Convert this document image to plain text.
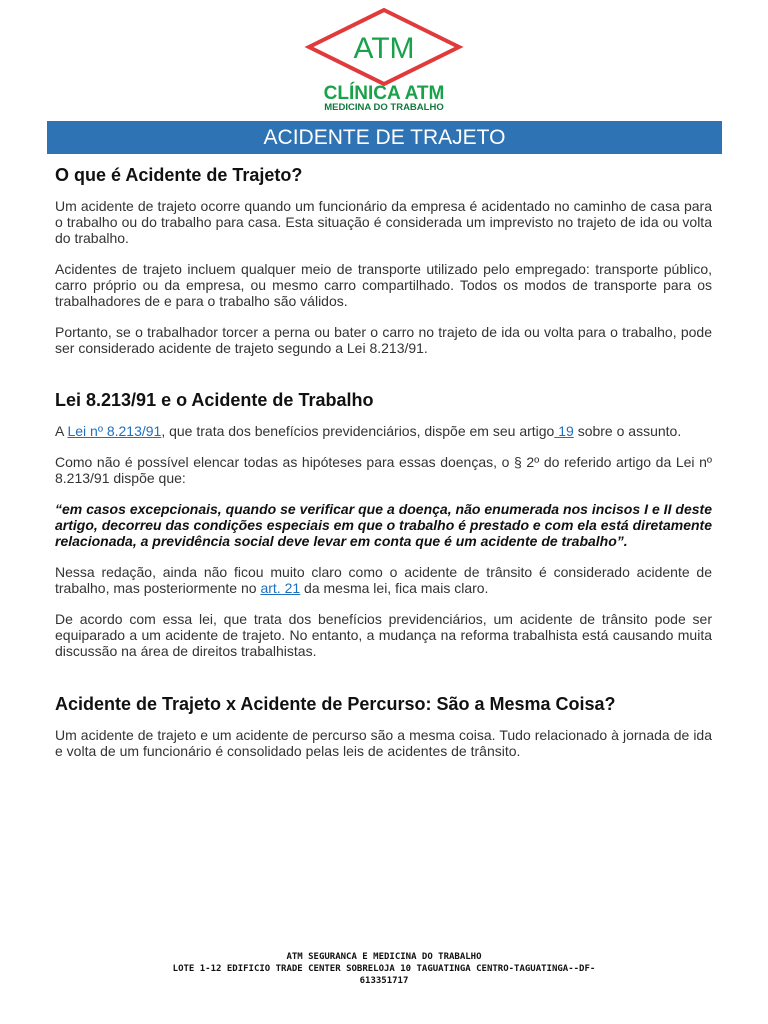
ATM
CLÍNICA ATM
MEDICINA DO TRABALHO
ACIDENTE DE TRAJETO
O que é Acidente de Trajeto?

Um acidente de trajeto ocorre quando um funcionário da empresa é acidentado no caminho de casa para o trabalho ou do trabalho para casa. Esta situação é considerada um imprevisto no trajeto de ida ou volta do trabalho.

Acidentes de trajeto incluem qualquer meio de transporte utilizado pelo empregado: transporte público, carro próprio ou da empresa, ou mesmo carro compartilhado. Todos os modos de transporte para os trabalhadores de e para o trabalho são válidos.

Portanto, se o trabalhador torcer a perna ou bater o carro no trajeto de ida ou volta para o trabalho, pode ser considerado acidente de trajeto segundo a Lei 8.213/91.

Lei 8.213/91 e o Acidente de Trabalho

A Lei nº 8.213/91, que trata dos benefícios previdenciários, dispõe em seu artigo 19 sobre o assunto.

Como não é possível elencar todas as hipóteses para essas doenças, o § 2º do referido artigo da Lei nº 8.213/91 dispõe que:

“em casos excepcionais, quando se verificar que a doença, não enumerada nos incisos I e II deste artigo, decorreu das condições especiais em que o trabalho é prestado e com ela está diretamente relacionada, a previdência social deve levar em conta que é um acidente de trabalho”.

Nessa redação, ainda não ficou muito claro como o acidente de trânsito é considerado acidente de trabalho, mas posteriormente no art. 21 da mesma lei, fica mais claro.

De acordo com essa lei, que trata dos benefícios previdenciários, um acidente de trânsito pode ser equiparado a um acidente de trajeto. No entanto, a mudança na reforma trabalhista está causando muita discussão na área de direitos trabalhistas.

Acidente de Trajeto x Acidente de Percurso: São a Mesma Coisa?

Um acidente de trajeto e um acidente de percurso são a mesma coisa. Tudo relacionado à jornada de ida e volta de um funcionário é consolidado pelas leis de acidentes de trânsito.

ATM SEGURANCA E MEDICINA DO TRABALHO
LOTE 1-12 EDIFICIO TRADE CENTER SOBRELOJA 10 TAGUATINGA CENTRO-TAGUATINGA--DF-
613351717
